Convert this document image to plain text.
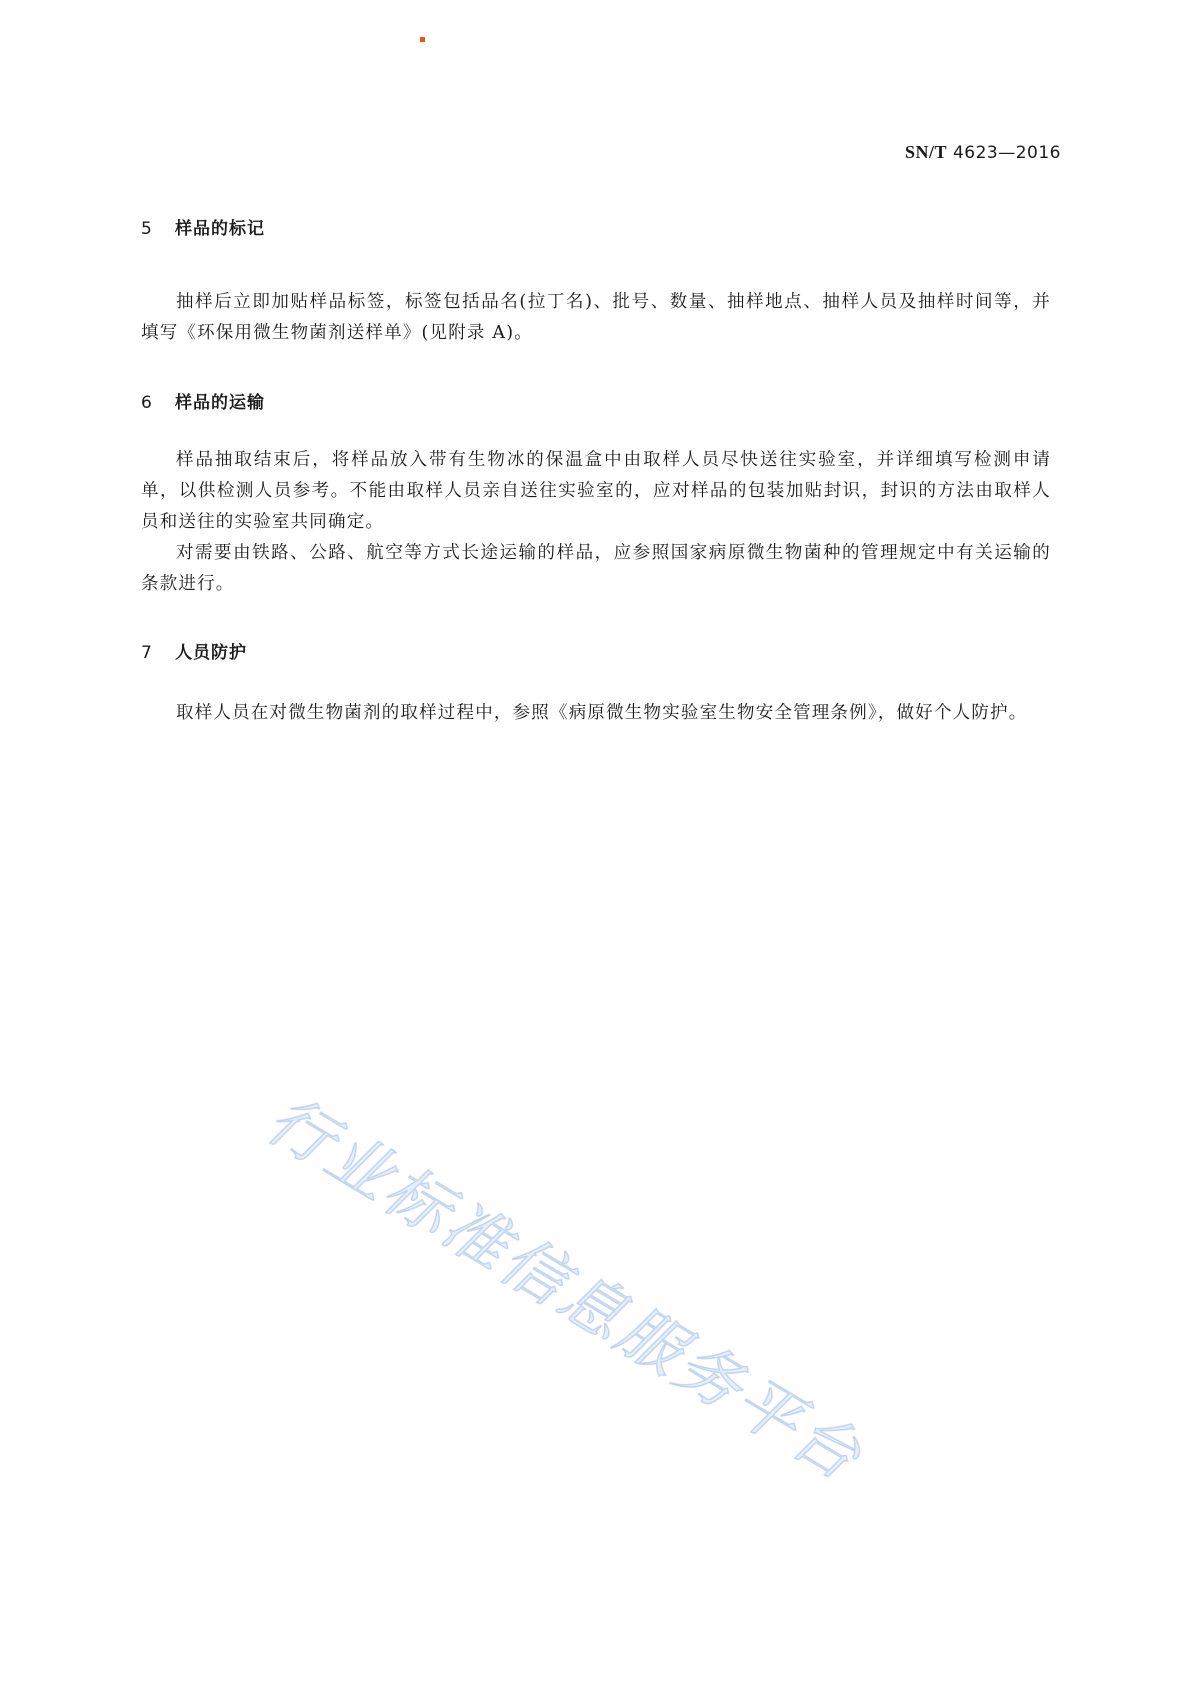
SN/T 4623—2016
5 样品的标记

抽样后立即加贴样品标签，标签包括品名(拉丁名)、批号、数量、抽样地点、抽样人员及抽样时间等，并填写《环保用微生物菌剂送样单》(见附录 A)。

6 样品的运输

样品抽取结束后，将样品放入带有生物冰的保温盒中由取样人员尽快送往实验室，并详细填写检测申请单，以供检测人员参考。不能由取样人员亲自送往实验室的，应对样品的包装加贴封识，封识的方法由取样人员和送往的实验室共同确定。

对需要由铁路、公路、航空等方式长途运输的样品，应参照国家病原微生物菌种的管理规定中有关运输的条款进行。

7 人员防护

取样人员在对微生物菌剂的取样过程中，参照《病原微生物实验室生物安全管理条例》，做好个人防护。

行业标准信息服务平台
